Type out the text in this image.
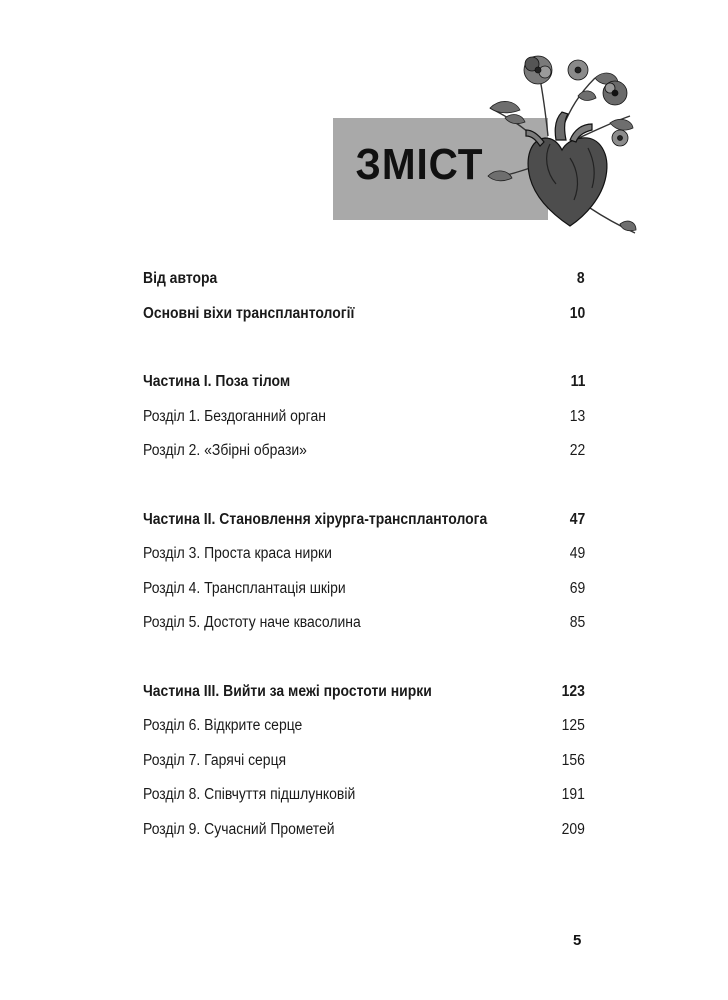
ЗМІСТ
Від автора	8
Основні віхи трансплантології	10
Частина І. Поза тілом	11
Розділ 1. Бездоганний орган	13
Розділ 2. «Збірні образи»	22
Частина ІІ. Становлення хірурга-трансплантолога	47
Розділ 3. Проста краса нирки	49
Розділ 4. Трансплантація шкіри	69
Розділ 5. Достоту наче квасолина	85
Частина ІІІ. Вийти за межі простоти нирки	123
Розділ 6. Відкрите серце	125
Розділ 7. Гарячі серця	156
Розділ 8. Співчуття підшлунковій	191
Розділ 9. Сучасний Прометей	209
5
